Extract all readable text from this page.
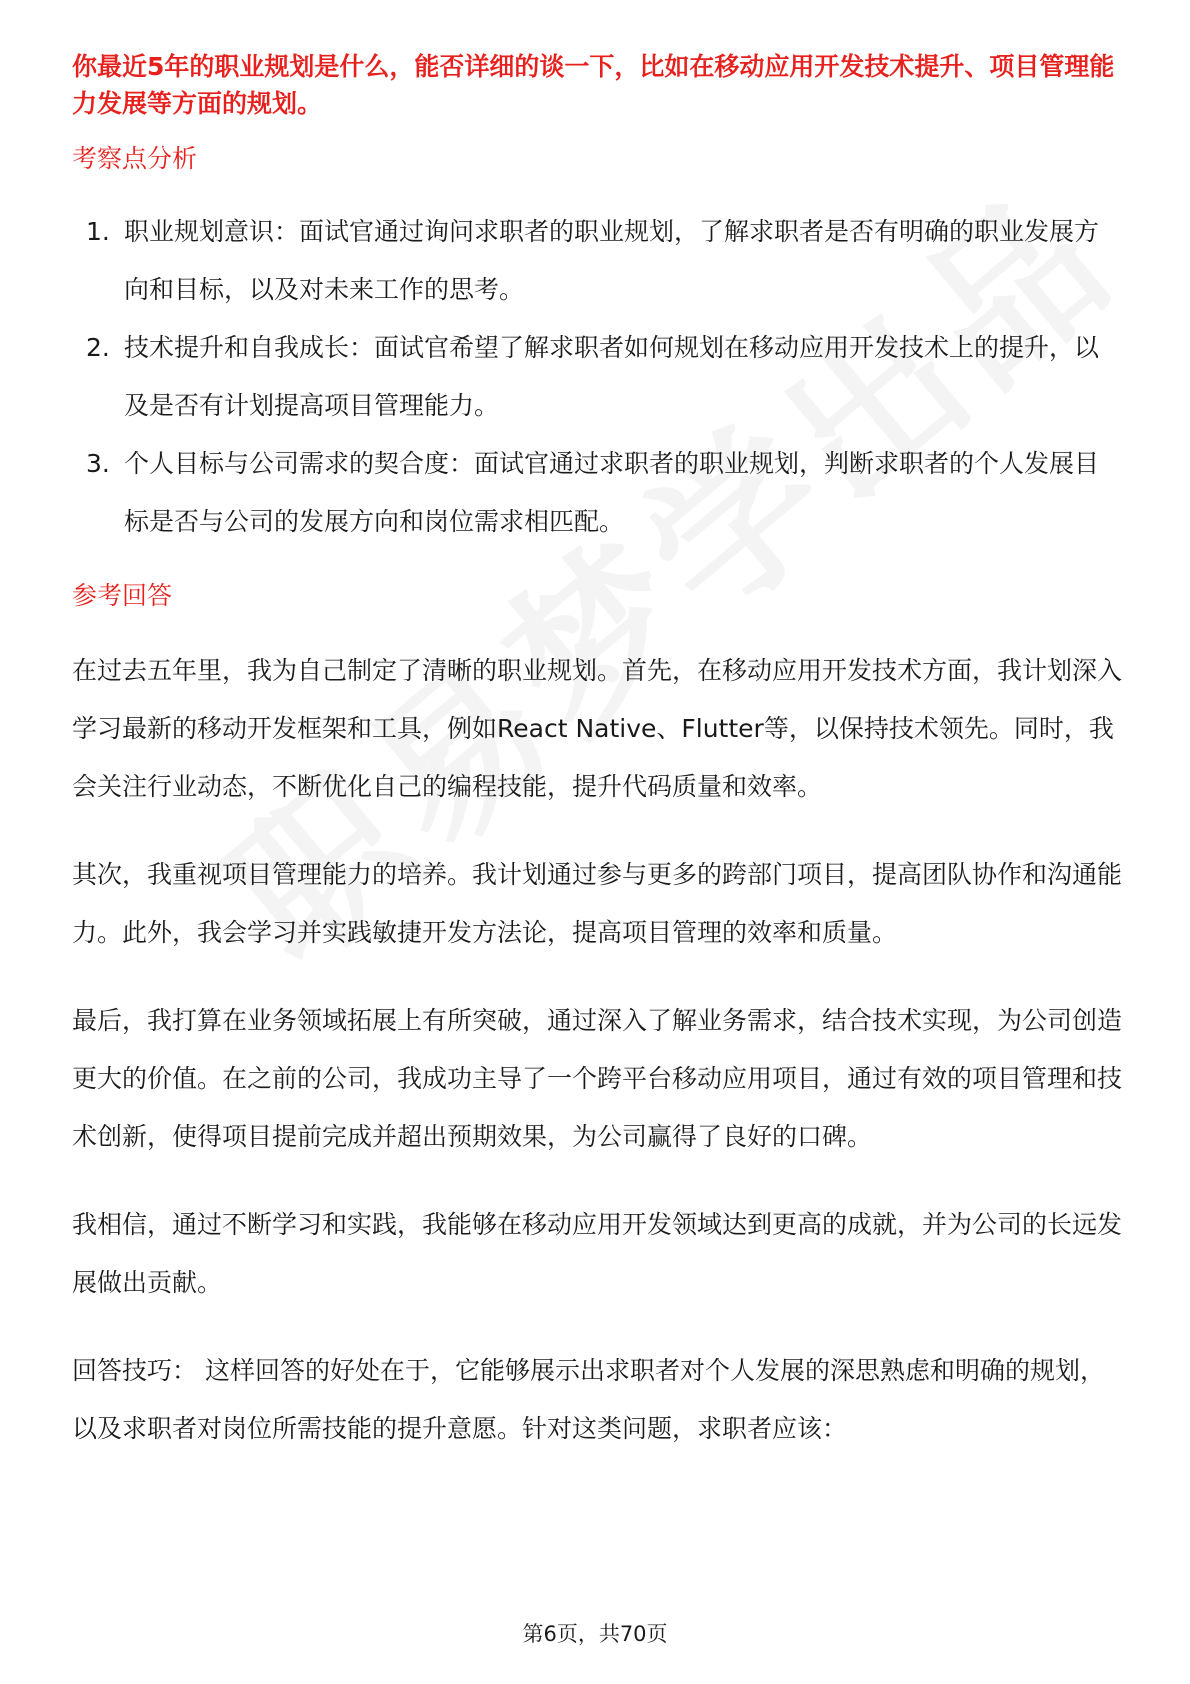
你最近5年的职业规划是什么，能否详细的谈一下，比如在移动应用开发技术提升、项目管理能力发展等方面的规划。

考察点分析

1. 职业规划意识：面试官通过询问求职者的职业规划，了解求职者是否有明确的职业发展方向和目标，以及对未来工作的思考。
2. 技术提升和自我成长：面试官希望了解求职者如何规划在移动应用开发技术上的提升，以及是否有计划提高项目管理能力。
3. 个人目标与公司需求的契合度：面试官通过求职者的职业规划，判断求职者的个人发展目标是否与公司的发展方向和岗位需求相匹配。

参考回答

在过去五年里，我为自己制定了清晰的职业规划。首先，在移动应用开发技术方面，我计划深入学习最新的移动开发框架和工具，例如React Native、Flutter等，以保持技术领先。同时，我会关注行业动态，不断优化自己的编程技能，提升代码质量和效率。

其次，我重视项目管理能力的培养。我计划通过参与更多的跨部门项目，提高团队协作和沟通能力。此外，我会学习并实践敏捷开发方法论，提高项目管理的效率和质量。

最后，我打算在业务领域拓展上有所突破，通过深入了解业务需求，结合技术实现，为公司创造更大的价值。在之前的公司，我成功主导了一个跨平台移动应用项目，通过有效的项目管理和技术创新，使得项目提前完成并超出预期效果，为公司赢得了良好的口碑。

我相信，通过不断学习和实践，我能够在移动应用开发领域达到更高的成就，并为公司的长远发展做出贡献。

回答技巧： 这样回答的好处在于，它能够展示出求职者对个人发展的深思熟虑和明确的规划，以及求职者对岗位所需技能的提升意愿。针对这类问题，求职者应该：

第6页，共70页
